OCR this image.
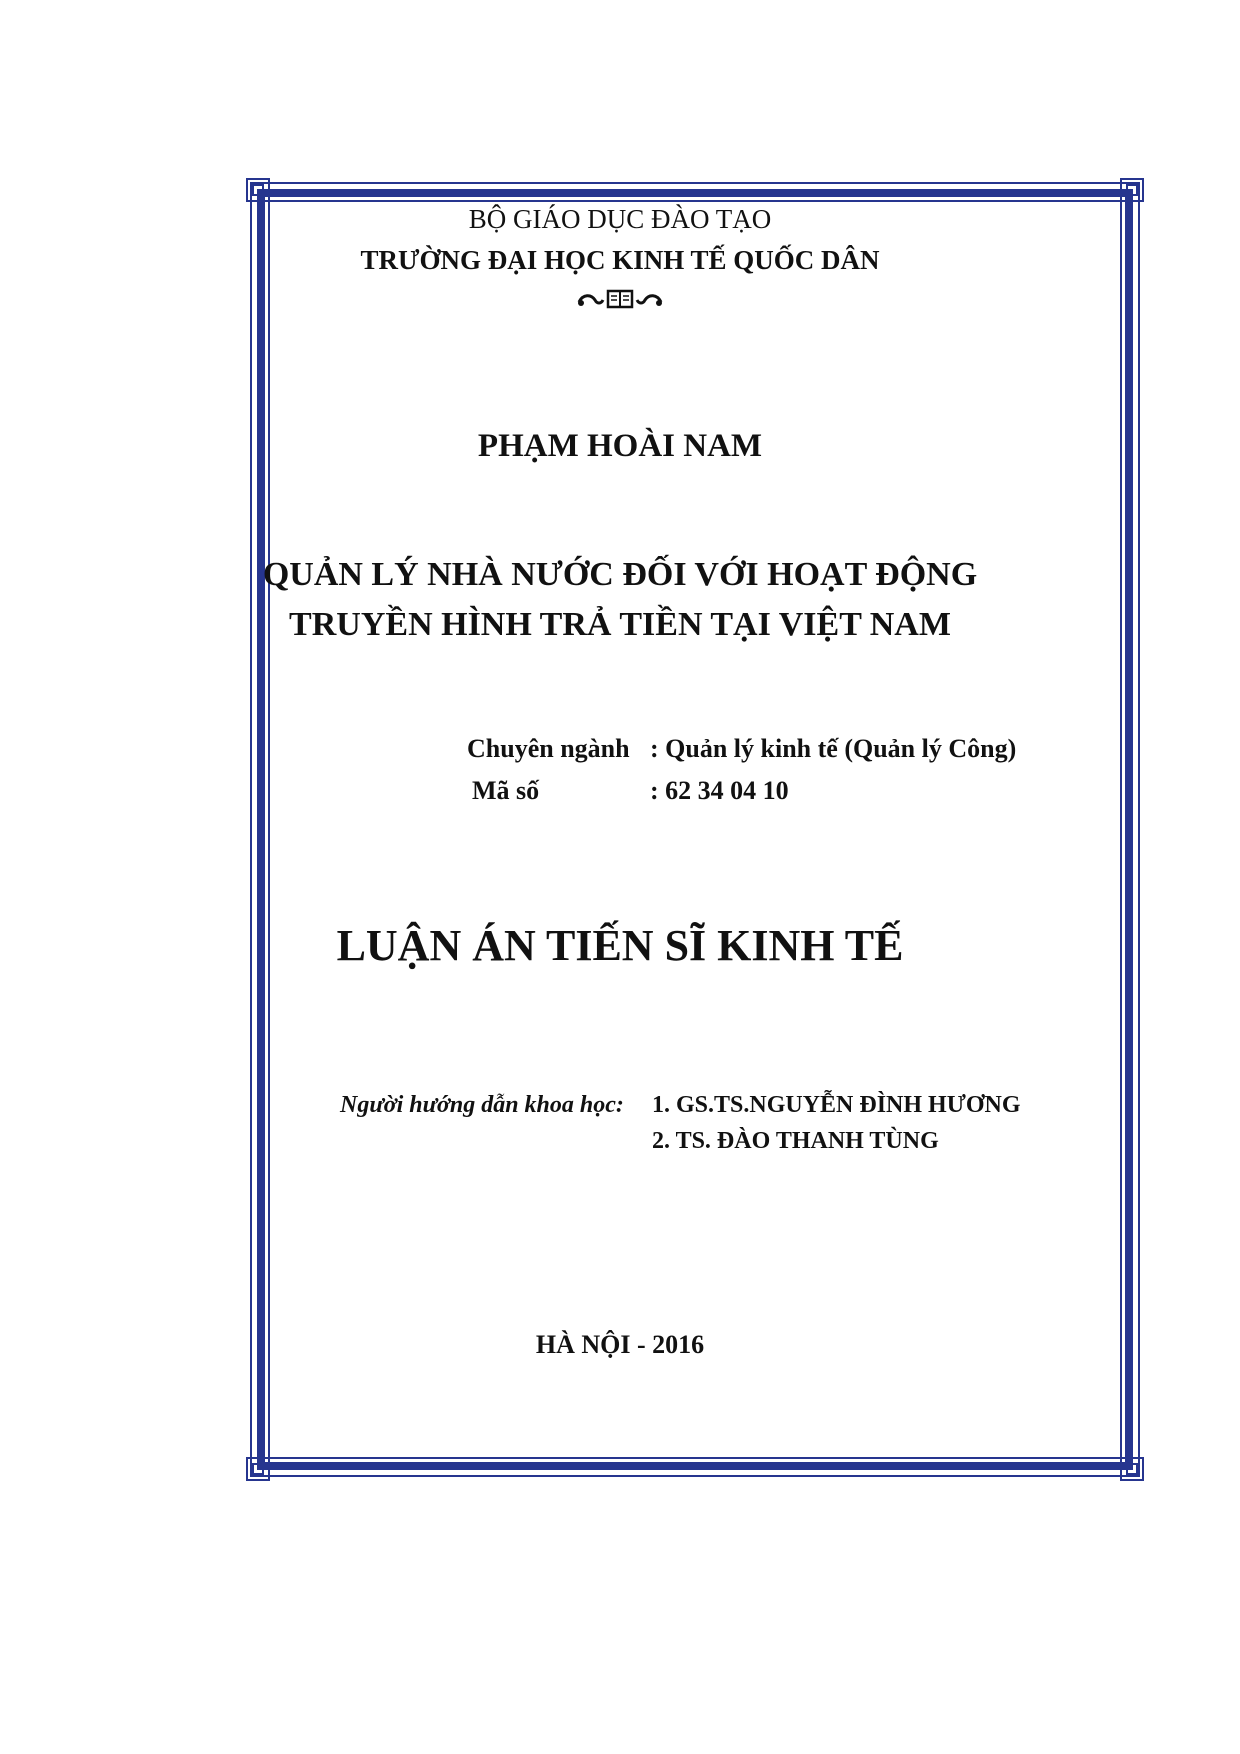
BỘ GIÁO DỤC ĐÀO TẠO
TRƯỜNG ĐẠI HỌC KINH TẾ QUỐC DÂN
PHẠM HOÀI NAM
QUẢN LÝ NHÀ NƯỚC ĐỐI VỚI HOẠT ĐỘNG
TRUYỀN HÌNH TRẢ TIỀN TẠI VIỆT NAM
Chuyên ngành : Quản lý kinh tế (Quản lý Công)
Mã số	: 62 34 04 10
LUẬN ÁN TIẾN SĨ KINH TẾ
Người hướng dẫn khoa học: 1. GS.TS.NGUYỄN ĐÌNH HƯƠNG
2. TS. ĐÀO THANH TÙNG
HÀ NỘI - 2016
